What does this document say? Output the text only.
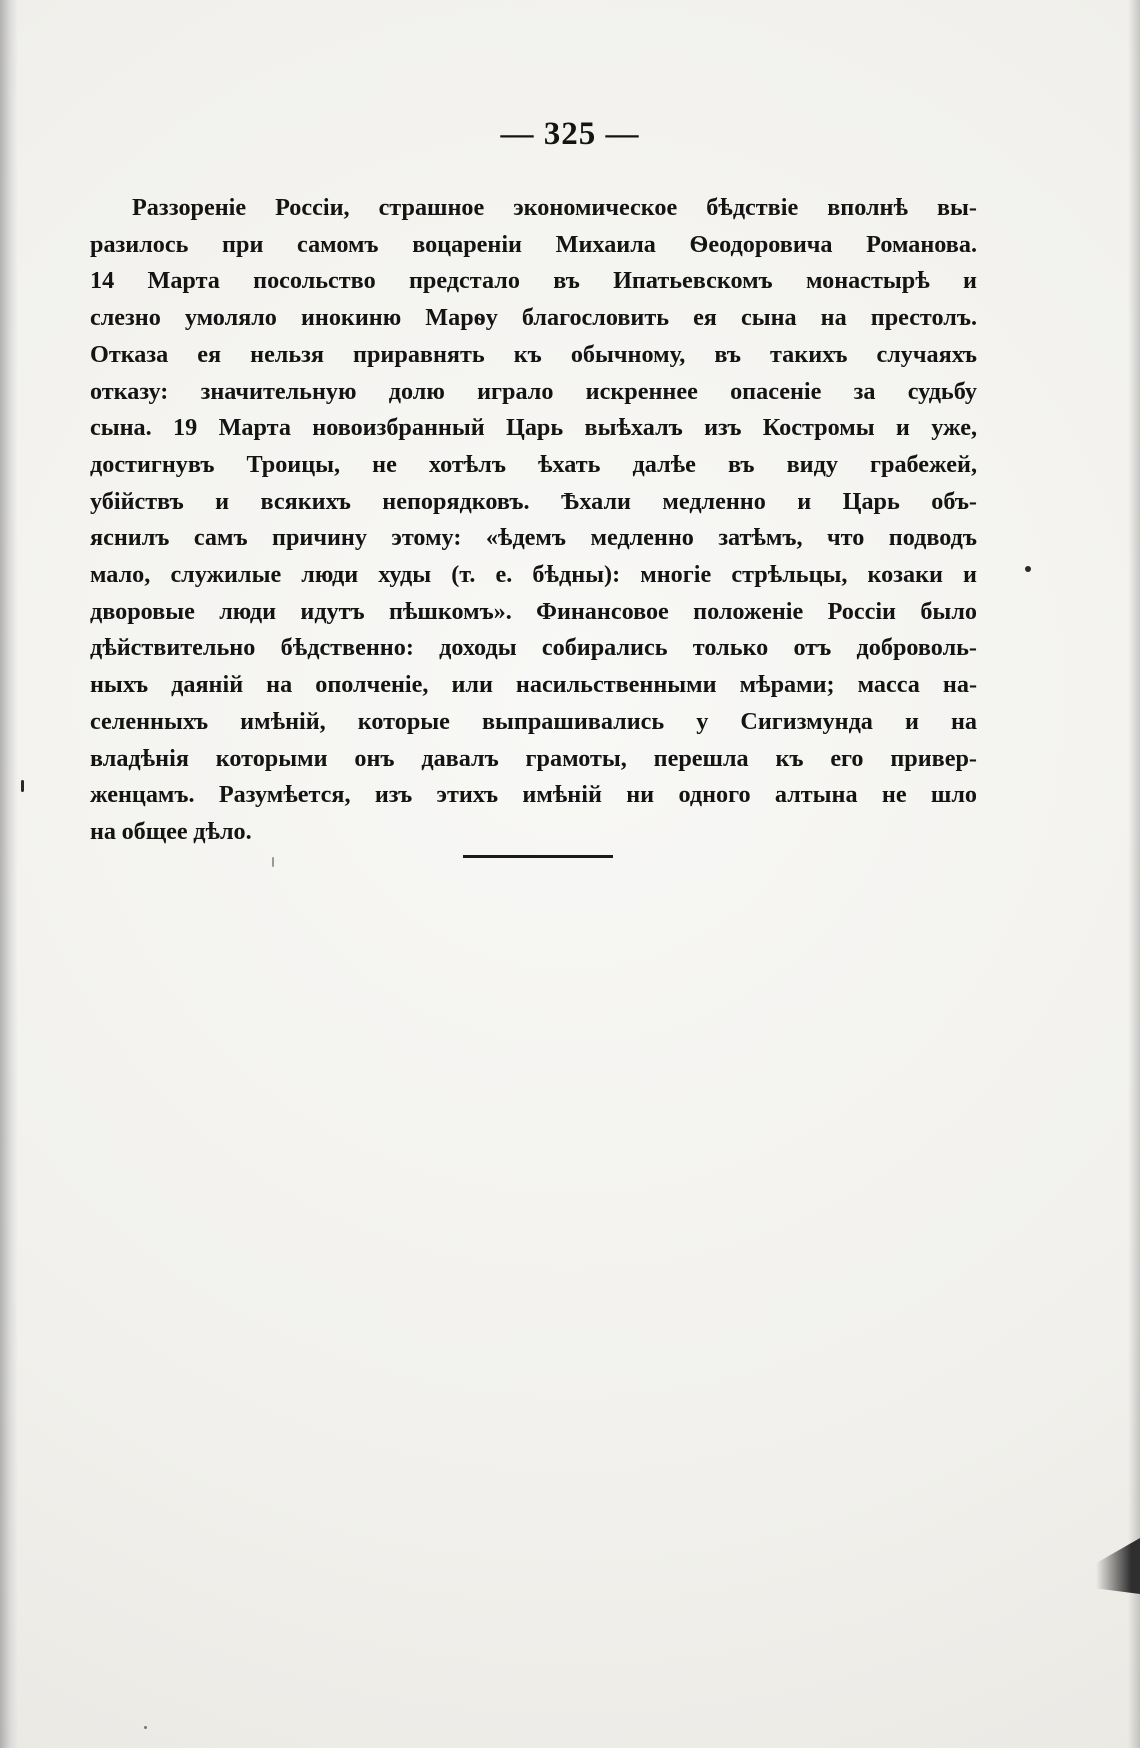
— 325 —
Раззореніе Россіи, страшное экономическое бѣдствіе вполнѣ вы-
разилось при самомъ воцареніи Михаила Ѳеодоровича Романова.
14 Марта посольство предстало въ Ипатьевскомъ монастырѣ и
слезно умоляло инокиню Марѳу благословить ея сына на престолъ.
Отказа ея нельзя приравнять къ обычному, въ такихъ случаяхъ
отказу: значительную долю играло искреннее опасеніе за судьбу
сына. 19 Марта новоизбранный Царь выѣхалъ изъ Костромы и уже,
достигнувъ Троицы, не хотѣлъ ѣхать далѣе въ виду грабежей,
убійствъ и всякихъ непорядковъ. Ѣхали медленно и Царь объ-
яснилъ самъ причину этому: «ѣдемъ медленно затѣмъ, что подводъ
мало, служилые люди худы (т. е. бѣдны): многіе стрѣльцы, козаки и
дворовые люди идутъ пѣшкомъ». Финансовое положеніе Россіи было
дѣйствительно бѣдственно: доходы собирались только отъ доброволь-
ныхъ даяній на ополченіе, или насильственными мѣрами; масса на-
селенныхъ имѣній, которые выпрашивались у Сигизмунда и на
владѣнія которыми онъ давалъ грамоты, перешла къ его привер-
женцамъ. Разумѣется, изъ этихъ имѣній ни одного алтына не шло
на общее дѣло.
